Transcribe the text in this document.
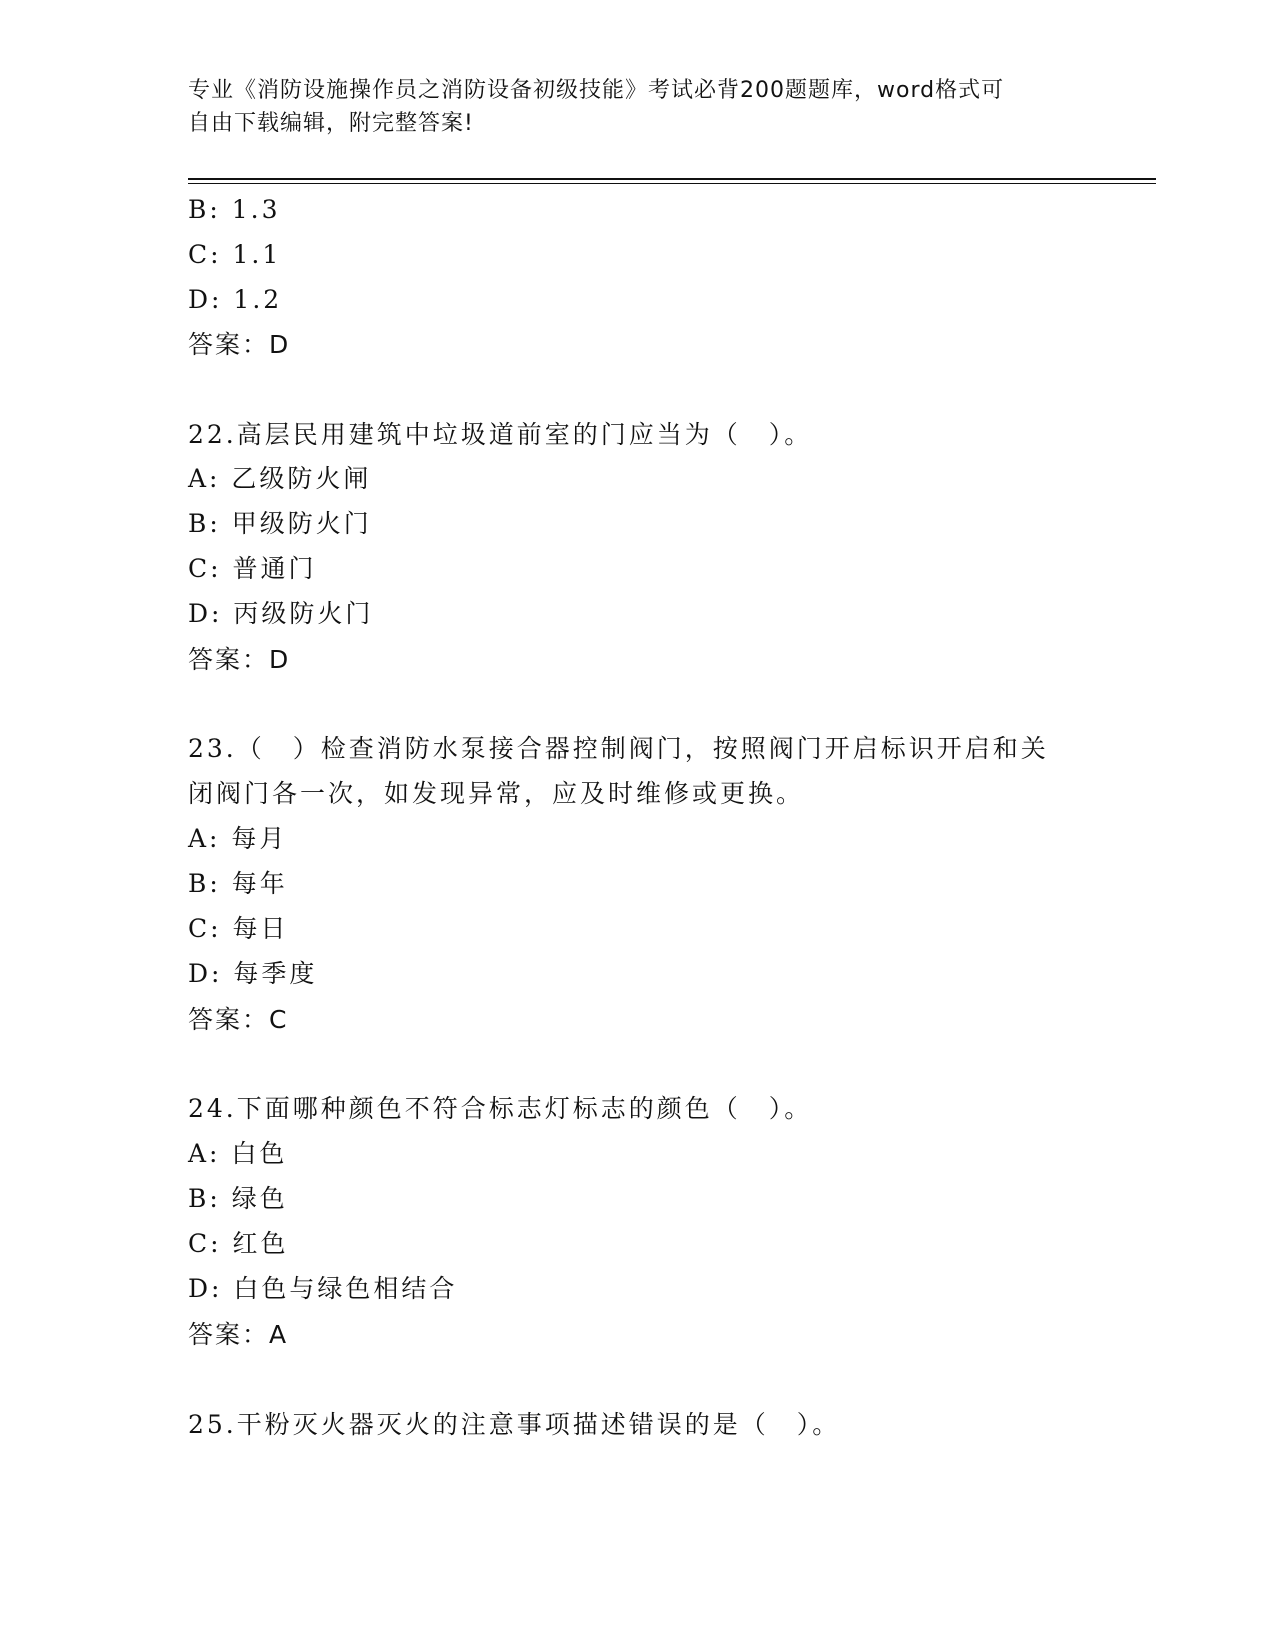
专业《消防设施操作员之消防设备初级技能》考试必背200题题库，word格式可
自由下载编辑，附完整答案!
B: 1.3
C: 1.1
D: 1.2
答案：D
22.高层民用建筑中垃圾道前室的门应当为（　）。
A: 乙级防火闸
B: 甲级防火门
C: 普通门
D: 丙级防火门
答案：D
23.（　）检查消防水泵接合器控制阀门，按照阀门开启标识开启和关
闭阀门各一次，如发现异常，应及时维修或更换。
A: 每月
B: 每年
C: 每日
D: 每季度
答案：C
24.下面哪种颜色不符合标志灯标志的颜色（　）。
A: 白色
B: 绿色
C: 红色
D: 白色与绿色相结合
答案：A
25.干粉灭火器灭火的注意事项描述错误的是（　）。
